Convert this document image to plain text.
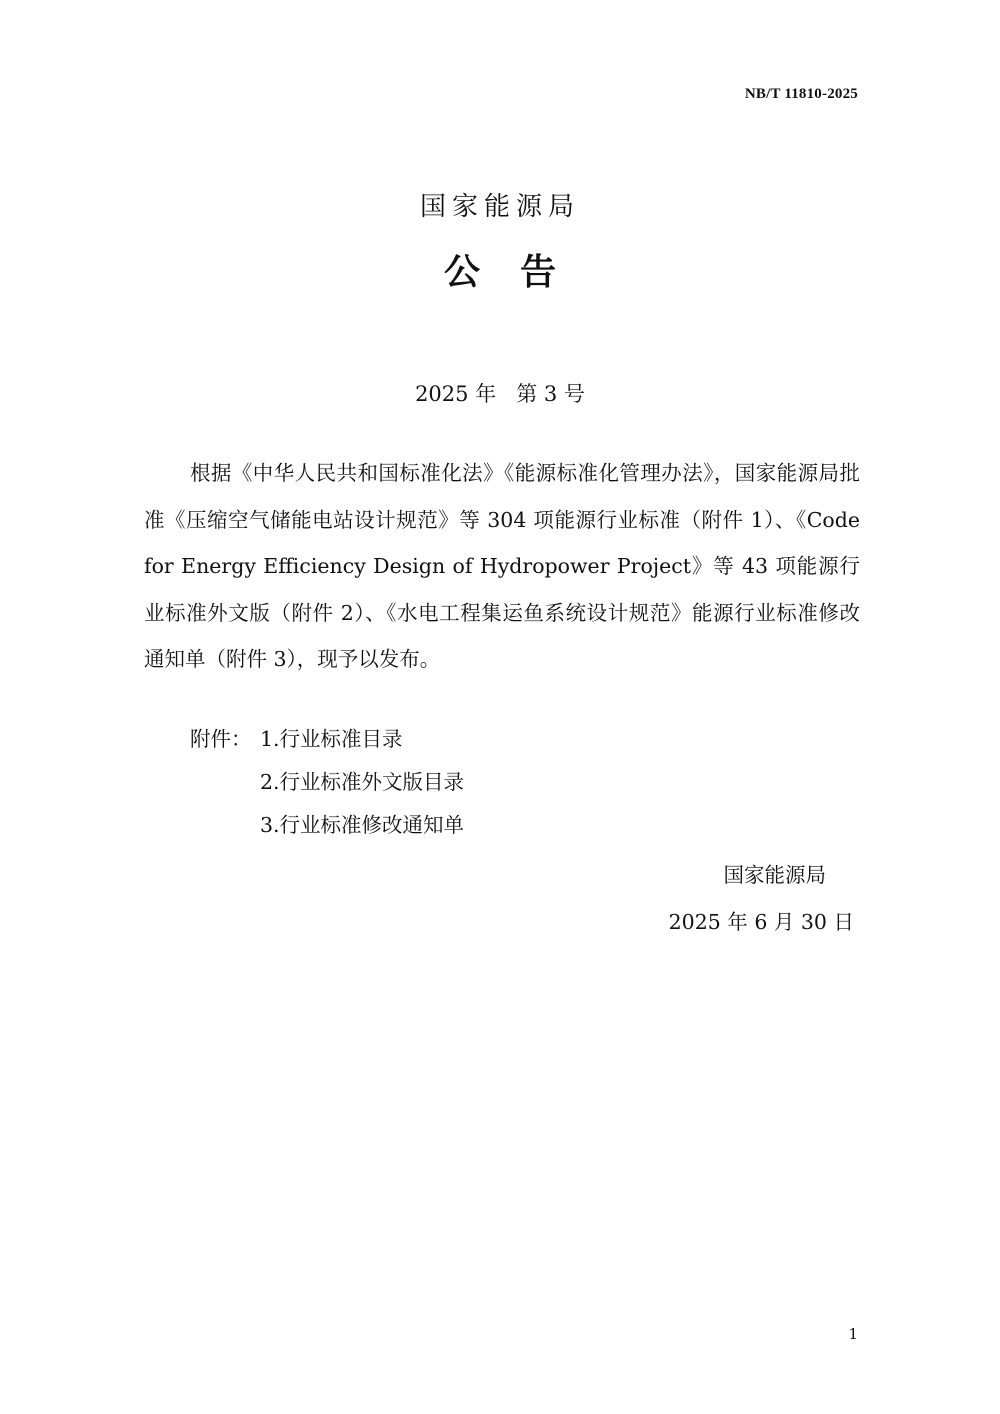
NB/T 11810-2025
国家能源局
公告
2025 年   第 3 号
根据《中华人民共和国标准化法》《能源标准化管理办法》，国家能源局批准《压缩空气储能电站设计规范》等 304 项能源行业标准（附件 1）、《Code for Energy Efficiency Design of Hydropower Project》等 43 项能源行业标准外文版（附件 2）、《水电工程集运鱼系统设计规范》能源行业标准修改通知单（附件 3），现予以发布。
附件： 1.行业标准目录
2.行业标准外文版目录
3.行业标准修改通知单
国家能源局
2025 年 6 月 30 日
1
